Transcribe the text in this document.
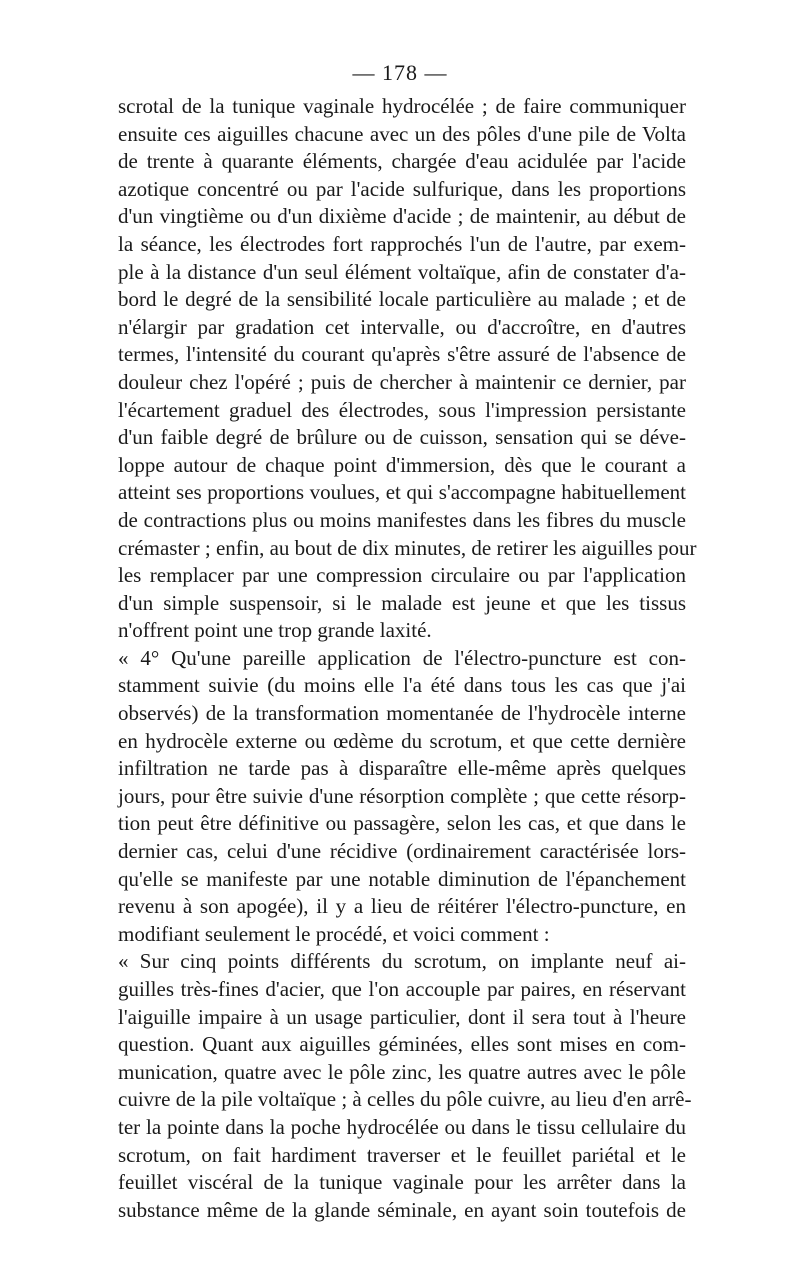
— 178 —
scrotal de la tunique vaginale hydrocélée ; de faire communiquer
ensuite ces aiguilles chacune avec un des pôles d'une pile de Volta
de trente à quarante éléments, chargée d'eau acidulée par l'acide
azotique concentré ou par l'acide sulfurique, dans les proportions
d'un vingtième ou d'un dixième d'acide ; de maintenir, au début de
la séance, les électrodes fort rapprochés l'un de l'autre, par exem-
ple à la distance d'un seul élément voltaïque, afin de constater d'a-
bord le degré de la sensibilité locale particulière au malade ; et de
n'élargir par gradation cet intervalle, ou d'accroître, en d'autres
termes, l'intensité du courant qu'après s'être assuré de l'absence de
douleur chez l'opéré ; puis de chercher à maintenir ce dernier, par
l'écartement graduel des électrodes, sous l'impression persistante
d'un faible degré de brûlure ou de cuisson, sensation qui se déve-
loppe autour de chaque point d'immersion, dès que le courant a
atteint ses proportions voulues, et qui s'accompagne habituellement
de contractions plus ou moins manifestes dans les fibres du muscle
crémaster ; enfin, au bout de dix minutes, de retirer les aiguilles pour
les remplacer par une compression circulaire ou par l'application
d'un simple suspensoir, si le malade est jeune et que les tissus
n'offrent point une trop grande laxité.
« 4° Qu'une pareille application de l'électro-puncture est con-
stamment suivie (du moins elle l'a été dans tous les cas que j'ai
observés) de la transformation momentanée de l'hydrocèle interne
en hydrocèle externe ou œdème du scrotum, et que cette dernière
infiltration ne tarde pas à disparaître elle-même après quelques
jours, pour être suivie d'une résorption complète ; que cette résorp-
tion peut être définitive ou passagère, selon les cas, et que dans le
dernier cas, celui d'une récidive (ordinairement caractérisée lors-
qu'elle se manifeste par une notable diminution de l'épanchement
revenu à son apogée), il y a lieu de réitérer l'électro-puncture, en
modifiant seulement le procédé, et voici comment :
« Sur cinq points différents du scrotum, on implante neuf ai-
guilles très-fines d'acier, que l'on accouple par paires, en réservant
l'aiguille impaire à un usage particulier, dont il sera tout à l'heure
question. Quant aux aiguilles géminées, elles sont mises en com-
munication, quatre avec le pôle zinc, les quatre autres avec le pôle
cuivre de la pile voltaïque ; à celles du pôle cuivre, au lieu d'en arrê-
ter la pointe dans la poche hydrocélée ou dans le tissu cellulaire du
scrotum, on fait hardiment traverser et le feuillet pariétal et le
feuillet viscéral de la tunique vaginale pour les arrêter dans la
substance même de la glande séminale, en ayant soin toutefois de
